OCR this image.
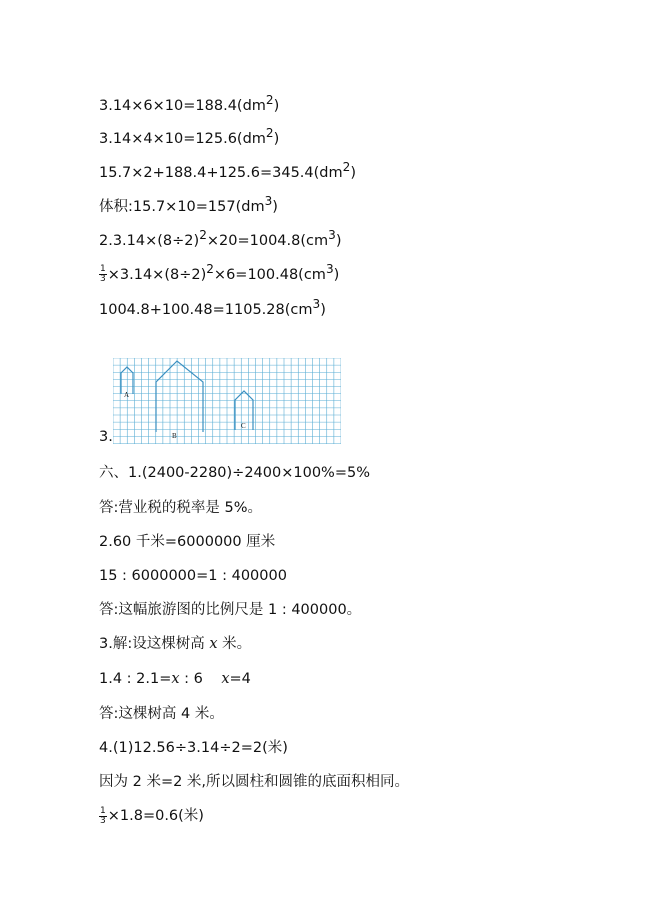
$3.14\times 6\times 10=188.4(dm^2)$
$3.14\times 4\times 10=125.6(dm^2)$
$15.7\times 2+188.4+125.6=345.4(dm^2)$
体积$:15.7\times 10=157(dm^3)$
$2.3.14\times(8\div 2)^2\times 20=1004.8(cm^3)$
$\frac{1}{3} \times 3.14\times(8\div 2)^2\times 6=100.48(cm^3)$
$1004.8+100.48=1105.28(cm^3)$
3.
A
B
C
六、1.(2400-2280)÷2400×100%=5%
答:营业税的税率是 5%。
2.60 千米=6000000 厘米
15 : 6000000=1 : 400000
答:这幅旅游图的比例尺是 1 : 400000。
3.解:设这棵树高 x 米。
1.4 : 2.1=x : 6    x=4
答:这棵树高 4 米。
4.(1)12.56÷3.14÷2=2(米)
因为 2 米=2 米,所以圆柱和圆锥的底面积相同。
$\frac{1}{3} \times 1.8=0.6$(米)
